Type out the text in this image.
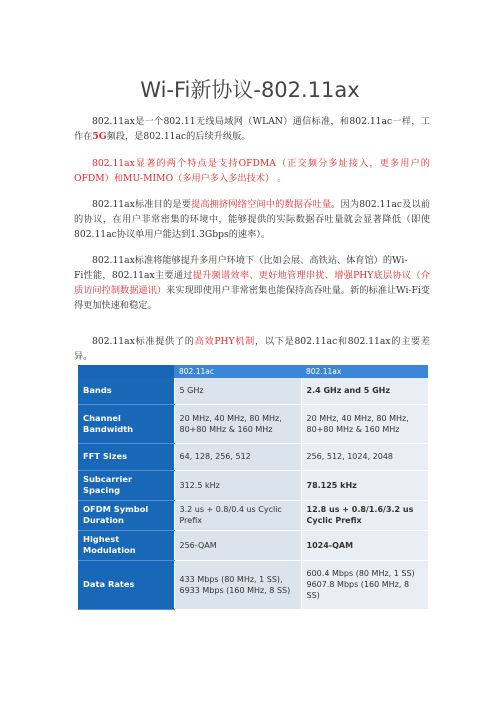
Wi-Fi新协议-802.11ax

802.11ax是一个802.11无线局域网（WLAN）通信标准，和802.11ac一样，工作在5G频段，是802.11ac的后续升级版。

802.11ax显著的两个特点是支持OFDMA（正交频分多址接入，更多用户的OFDM）和MU-MIMO（多用户多入多出技术） 。

802.11ax标准目的是要提高拥挤网络空间中的数据吞吐量。因为802.11ac及以前的协议，在用户非常密集的环境中，能够提供的实际数据吞吐量就会显著降低（即使802.11ac协议单用户能达到1.3Gbps的速率）。

802.11ax标准将能够提升多用户环境下（比如会展、高铁站、体育馆）的Wi-
Fi性能，802.11ax主要通过提升频谱效率、更好地管理串扰、增强PHY底层协议（介质访问控制数据通讯）来实现即使用户非常密集也能保持高吞吐量。新的标准让Wi-Fi变得更加快速和稳定。

802.11ax标准提供了的高效PHY机制，以下是802.11ac和802.11ax的主要差异。

	802.11ac	802.11ax
Bands	5 GHz	2.4 GHz and 5 GHz
Channel Bandwidth	20 MHz, 40 MHz, 80 MHz, 80+80 MHz & 160 MHz	20 MHz, 40 MHz, 80 MHz, 80+80 MHz & 160 MHz
FFT Sizes	64, 128, 256, 512	256, 512, 1024, 2048
Subcarrier Spacing	312.5 kHz	78.125 kHz
OFDM Symbol Duration	3.2 us + 0.8/0.4 us Cyclic Prefix	12.8 us + 0.8/1.6/3.2 us Cyclic Prefix
Highest Modulation	256-QAM	1024-QAM
Data Rates	433 Mbps (80 MHz, 1 SS), 6933 Mbps (160 MHz, 8 SS)	600.4 Mbps (80 MHz, 1 SS) 9607.8 Mbps (160 MHz, 8 SS)
